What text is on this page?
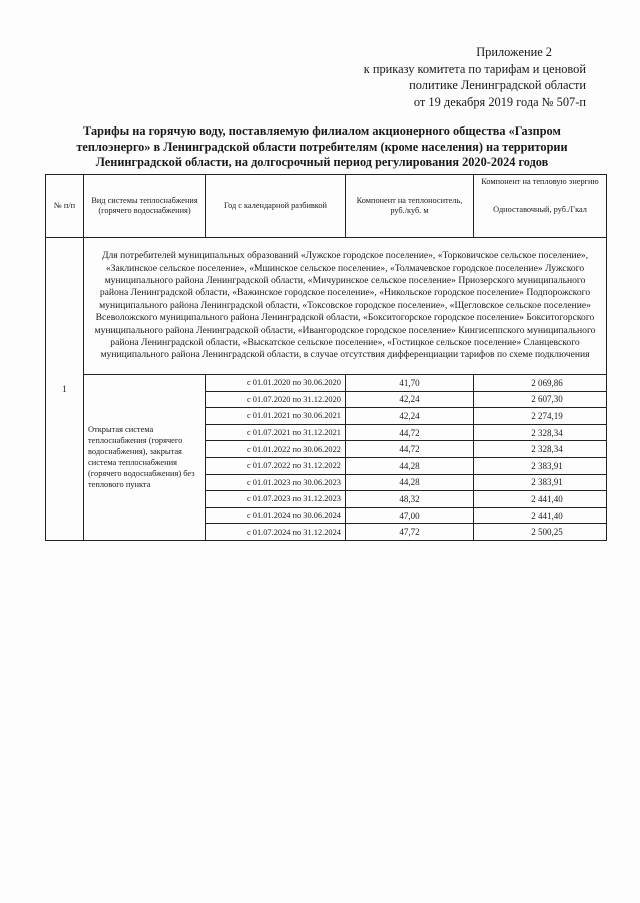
Приложение 2
к приказу комитета по тарифам и ценовой
политике Ленинградской области
от 19 декабря 2019 года № 507-п
Тарифы на горячую воду, поставляемую филиалом акционерного общества «Газпром теплоэнерго» в Ленинградской области потребителям (кроме населения) на территории Ленинградской области, на долгосрочный период регулирования 2020-2024 годов
№ п/п	Вид системы теплоснабжения (горячего водоснабжения)	Год с календарной разбивкой	Компонент на теплоноситель, руб./куб. м	Компонент на тепловую энергию
Одноставочный, руб./Гкал

1	Для потребителей муниципальных образований «Лужское городское поселение», «Торковичское сельское поселение», «Заклинское сельское поселение», «Мшинское сельское поселение», «Толмачевское городское поселение» Лужского муниципального района Ленинградской области, «Мичуринское сельское поселение» Приозерского муниципального района Ленинградской области, «Важинское городское поселение», «Никольское городское поселение» Подпорожского муниципального района Ленинградской области, «Токсовское городское поселение», «Щегловское сельское поселение» Всеволожского муниципального района Ленинградской области, «Бокситогорское городское поселение» Бокситогорского муниципального района Ленинградской области, «Ивангородское городское поселение» Кингисеппского муниципального района Ленинградской области, «Выскатское сельское поселение», «Гостицкое сельское поселение» Сланцевского муниципального района Ленинградской области, в случае отсутствия дифференциации тарифов по схеме подключения			
	Открытая система теплоснабжения (горячего водоснабжения), закрытая система теплоснабжения (горячего водоснабжения) без теплового пункта	с 01.01.2020 по 30.06.2020	41,70	2 069,86
		с 01.07.2020 по 31.12.2020	42,24	2 607,30
		с 01.01.2021 по 30.06.2021	42,24	2 274,19
		с 01.07.2021 по 31.12.2021	44,72	2 328,34
		с 01.01.2022 по 30.06.2022	44,72	2 328,34
		с 01.07.2022 по 31.12.2022	44,28	2 383,91
		с 01.01.2023 по 30.06.2023	44,28	2 383,91
		с 01.07.2023 по 31.12.2023	48,32	2 441,40
		с 01.01.2024 по 30.06.2024	47,00	2 441,40
		с 01.07.2024 по 31.12.2024	47,72	2 500,25
